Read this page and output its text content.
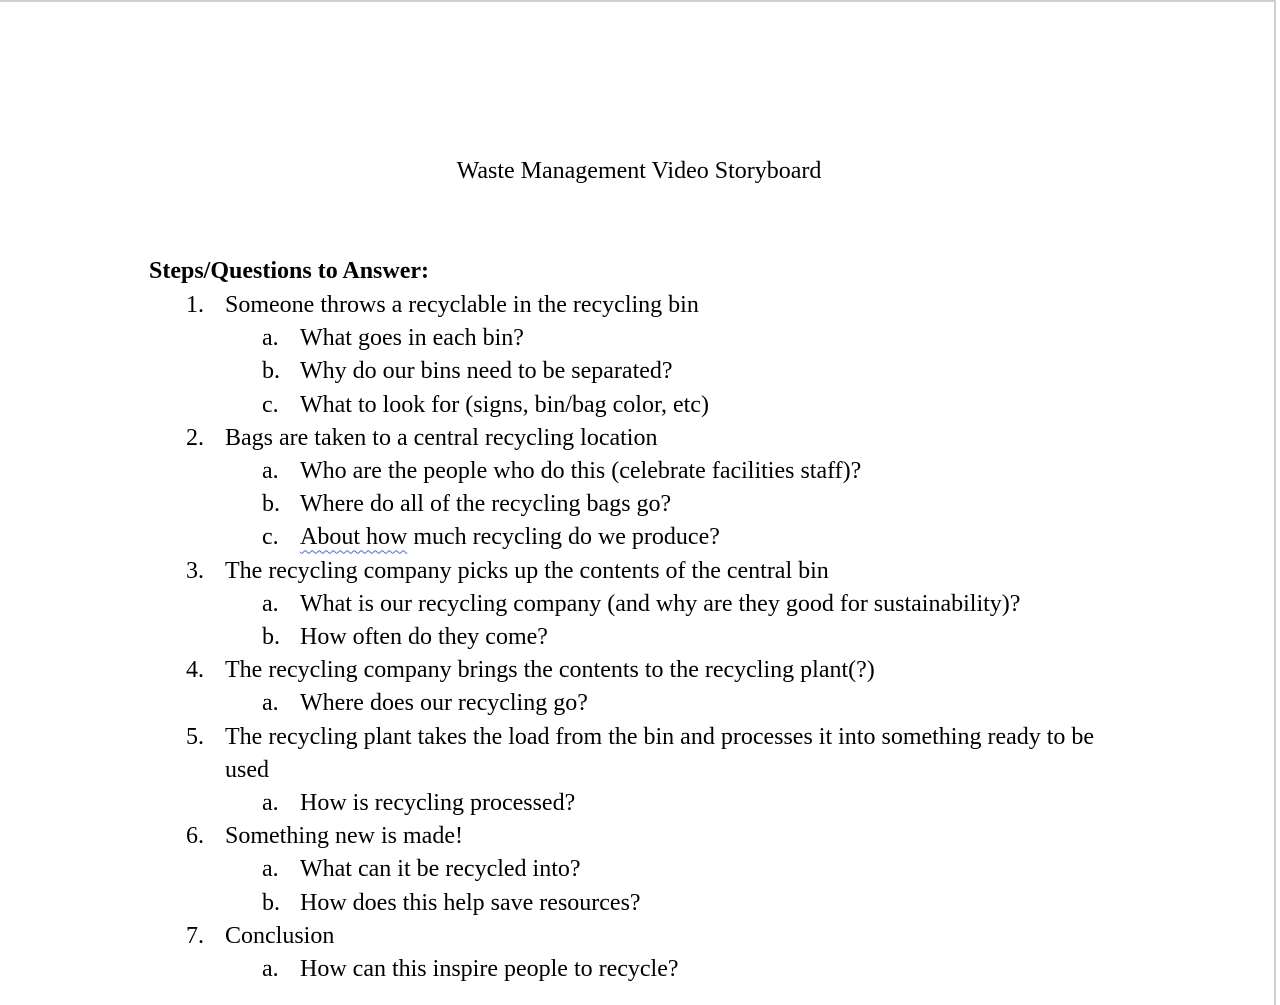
Waste Management Video Storyboard
Steps/Questions to Answer:
1. Someone throws a recyclable in the recycling bin
a. What goes in each bin?
b. Why do our bins need to be separated?
c. What to look for (signs, bin/bag color, etc)
2. Bags are taken to a central recycling location
a. Who are the people who do this (celebrate facilities staff)?
b. Where do all of the recycling bags go?
c. About how much recycling do we produce?
3. The recycling company picks up the contents of the central bin
a. What is our recycling company (and why are they good for sustainability)?
b. How often do they come?
4. The recycling company brings the contents to the recycling plant(?)
a. Where does our recycling go?
5. The recycling plant takes the load from the bin and processes it into something ready to be used
a. How is recycling processed?
6. Something new is made!
a. What can it be recycled into?
b. How does this help save resources?
7. Conclusion
a. How can this inspire people to recycle?
